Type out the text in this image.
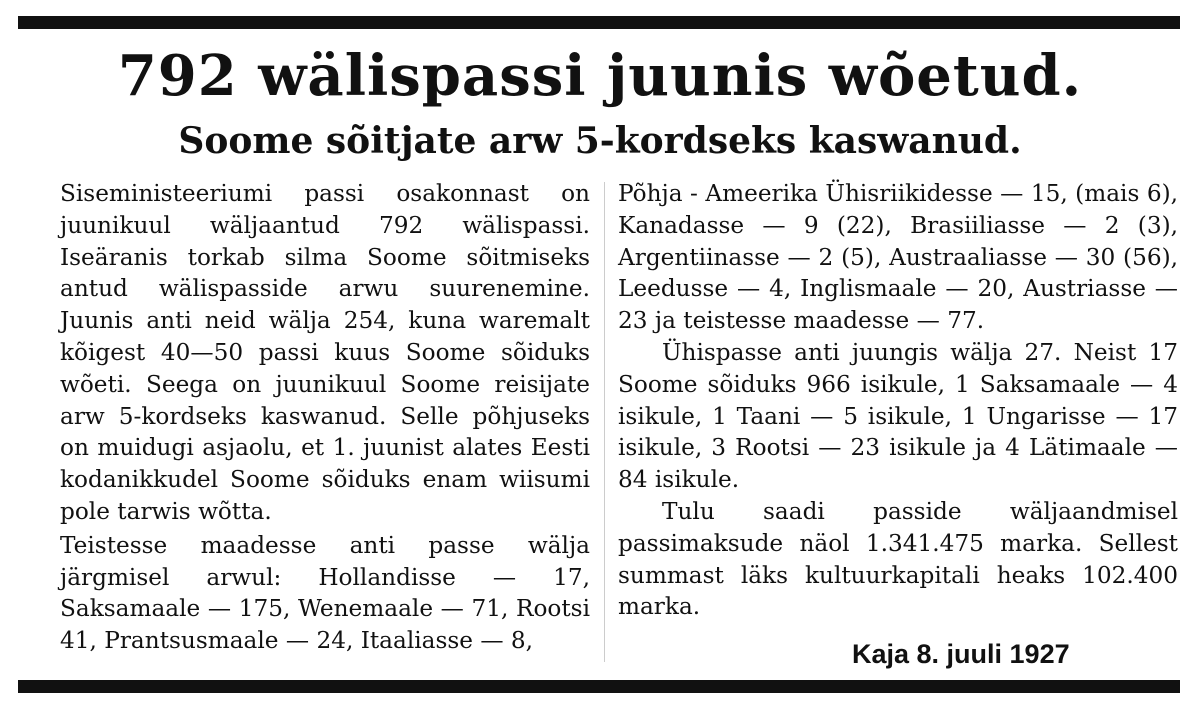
792 wälispassi juunis wõetud.
Soome sõitjate arw 5-kordseks kaswanud.

Siseministeeriumi passi osakonnast on juunikuul wäljaantud 792 wälispassi. Iseäranis torkab silma Soome sõitmiseks antud wälispasside arwu suurenemine. Juunis anti neid wälja 254, kuna waremalt kõigest 40—50 passi kuus Soome sõiduks wõeti. Seega on juunikuul Soome reisijate arw 5-kordseks kaswanud. Selle põhjuseks on muidugi asjaolu, et 1. juunist alates Eesti kodanikkudel Soome sõiduks enam wiisumi pole tarwis wõtta.

Teistesse maadesse anti passe wälja järgmisel arwul: Hollandisse — 17, Saksamaale — 175, Wenemaale — 71, Rootsi 41, Prantsusmaale — 24, Itaaliasse — 8,

Põhja - Ameerika Ühisriikidesse — 15, (mais 6), Kanadasse — 9 (22), Brasiiliasse — 2 (3), Argentiinasse — 2 (5), Austraaliasse — 30 (56), Leedusse — 4, Inglismaale — 20, Austriasse — 23 ja teistesse maadesse — 77.

Ühispasse anti juungis wälja 27. Neist 17 Soome sõiduks 966 isikule, 1 Saksamaale — 4 isikule, 1 Taani — 5 isikule, 1 Ungarisse — 17 isikule, 3 Rootsi — 23 isikule ja 4 Lätimaale — 84 isikule.

Tulu saadi passide wäljaandmisel passimaksude näol 1.341.475 marka. Sellest summast läks kultuurkapitali heaks 102.400 marka.

Kaja 8. juuli 1927
